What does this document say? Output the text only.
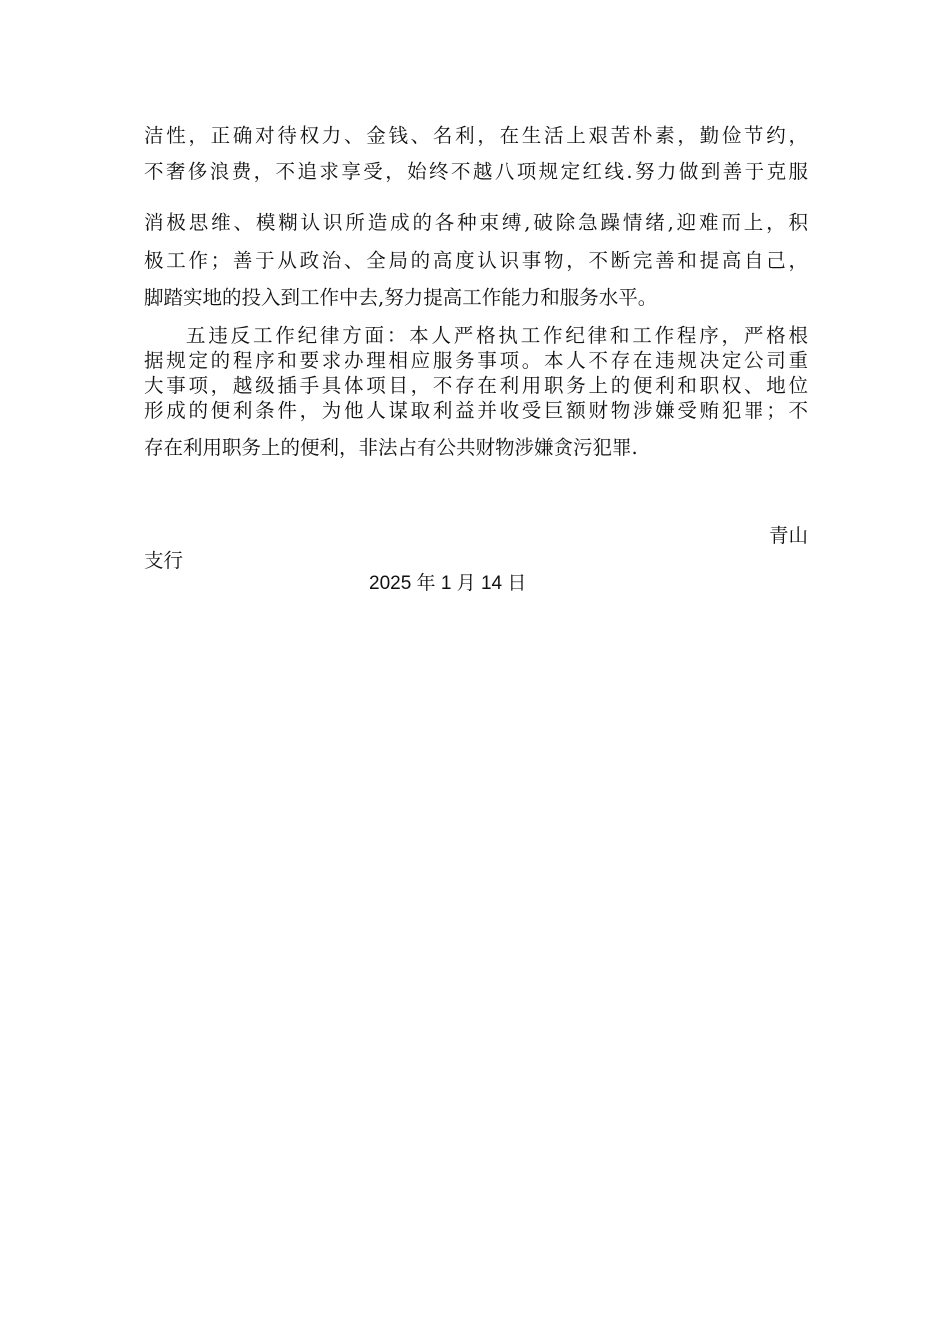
洁性，正确对待权力、金钱、名利，在生活上艰苦朴素，勤俭节约，
不奢侈浪费，不追求享受，始终不越八项规定红线.努力做到善于克服
消极思维、模糊认识所造成的各种束缚,破除急躁情绪,迎难而上，积
极工作；善于从政治、全局的高度认识事物，不断完善和提高自己，
脚踏实地的投入到工作中去,努力提高工作能力和服务水平。
五违反工作纪律方面：本人严格执工作纪律和工作程序，严格根
据规定的程序和要求办理相应服务事项。本人不存在违规决定公司重
大事项，越级插手具体项目，不存在利用职务上的便利和职权、地位
形成的便利条件，为他人谋取利益并收受巨额财物涉嫌受贿犯罪；不
存在利用职务上的便利，非法占有公共财物涉嫌贪污犯罪.
青山
支行
2025 年 1 月 14 日
